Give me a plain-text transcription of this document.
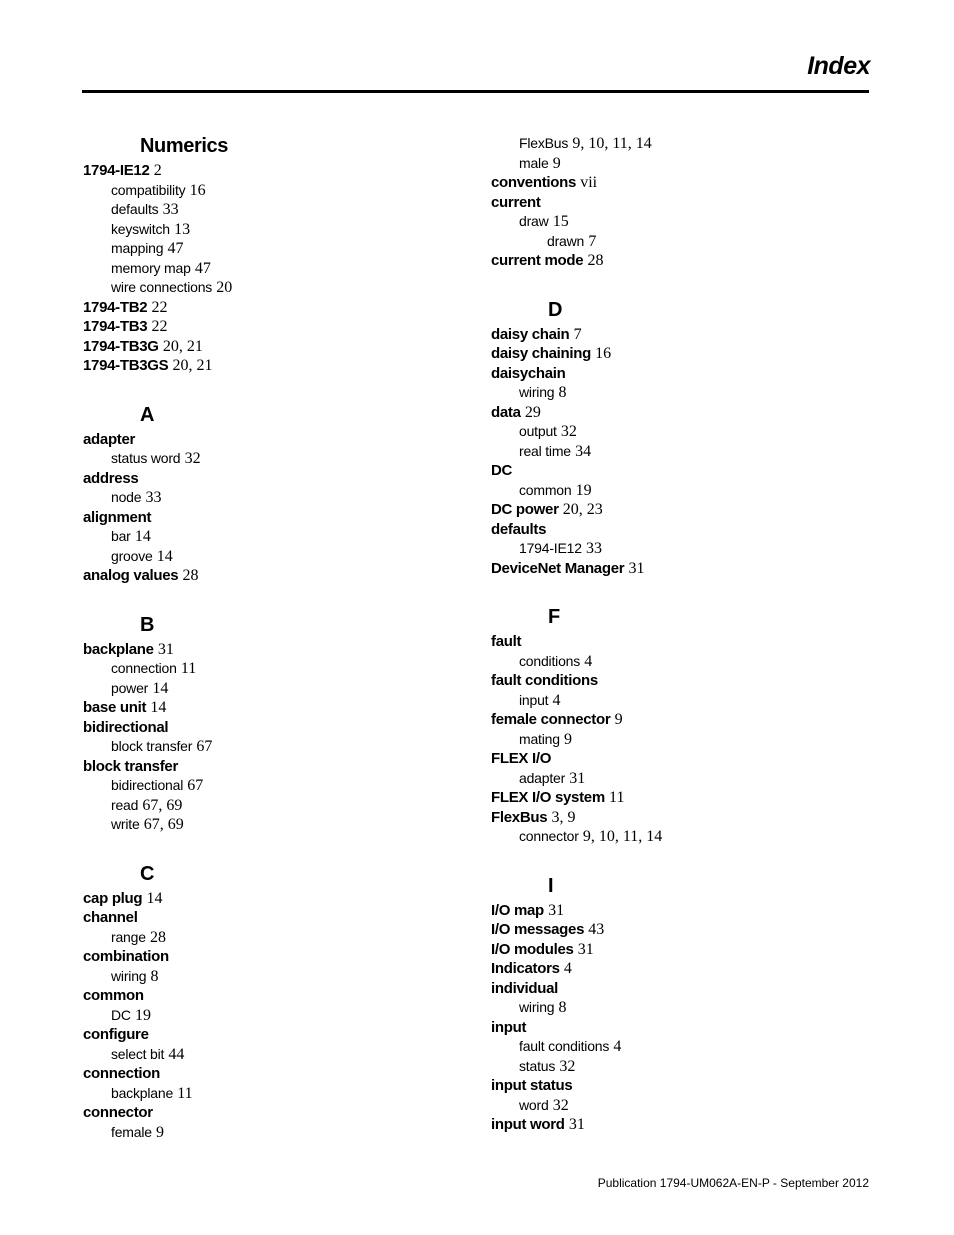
Index
Numerics
1794-IE12 2
compatibility 16
defaults 33
keyswitch 13
mapping 47
memory map 47
wire connections 20
1794-TB2 22
1794-TB3 22
1794-TB3G 20, 21
1794-TB3GS 20, 21
A
adapter
status word 32
address
node 33
alignment
bar 14
groove 14
analog values 28
B
backplane 31
connection 11
power 14
base unit 14
bidirectional
block transfer 67
block transfer
bidirectional 67
read 67, 69
write 67, 69
C
cap plug 14
channel
range 28
combination
wiring 8
common
DC 19
configure
select bit 44
connection
backplane 11
connector
female 9
FlexBus 9, 10, 11, 14
male 9
conventions vii
current
draw 15
drawn 7
current mode 28
D
daisy chain 7
daisy chaining 16
daisychain
wiring 8
data 29
output 32
real time 34
DC
common 19
DC power 20, 23
defaults
1794-IE12 33
DeviceNet Manager 31
F
fault
conditions 4
fault conditions
input 4
female connector 9
mating 9
FLEX I/O
adapter 31
FLEX I/O system 11
FlexBus 3, 9
connector 9, 10, 11, 14
I
I/O map 31
I/O messages 43
I/O modules 31
Indicators 4
individual
wiring 8
input
fault conditions 4
status 32
input status
word 32
input word 31
Publication 1794-UM062A-EN-P - September 2012
